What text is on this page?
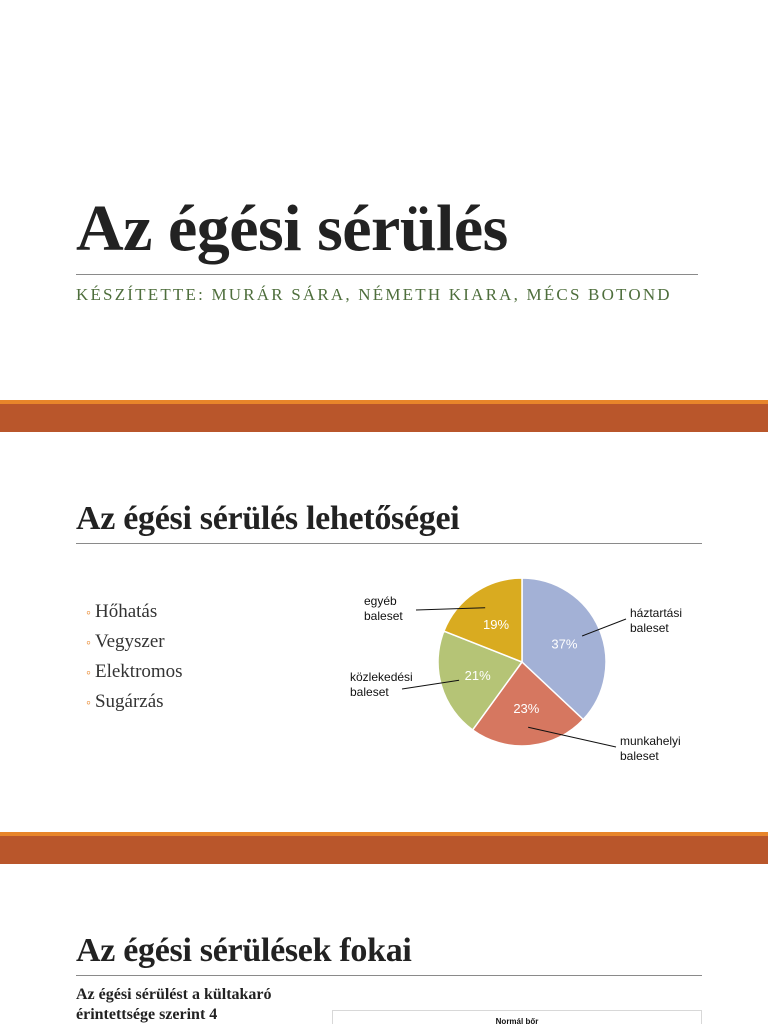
Az égési sérülés
KÉSZÍTETTE: MURÁR SÁRA, NÉMETH KIARA, MÉCS BOTOND
Az égési sérülés lehetőségei
◦ Hőhatás
◦ Vegyszer
◦ Elektromos
◦ Sugárzás
37%
háztartási
baleset
23%
munkahelyi
baleset
21%
közlekedési
baleset
19%
egyéb
baleset
Az égési sérülések fokai
Az égési sérülést a kültakaró érintettsége szerint 4	Normál bőr
